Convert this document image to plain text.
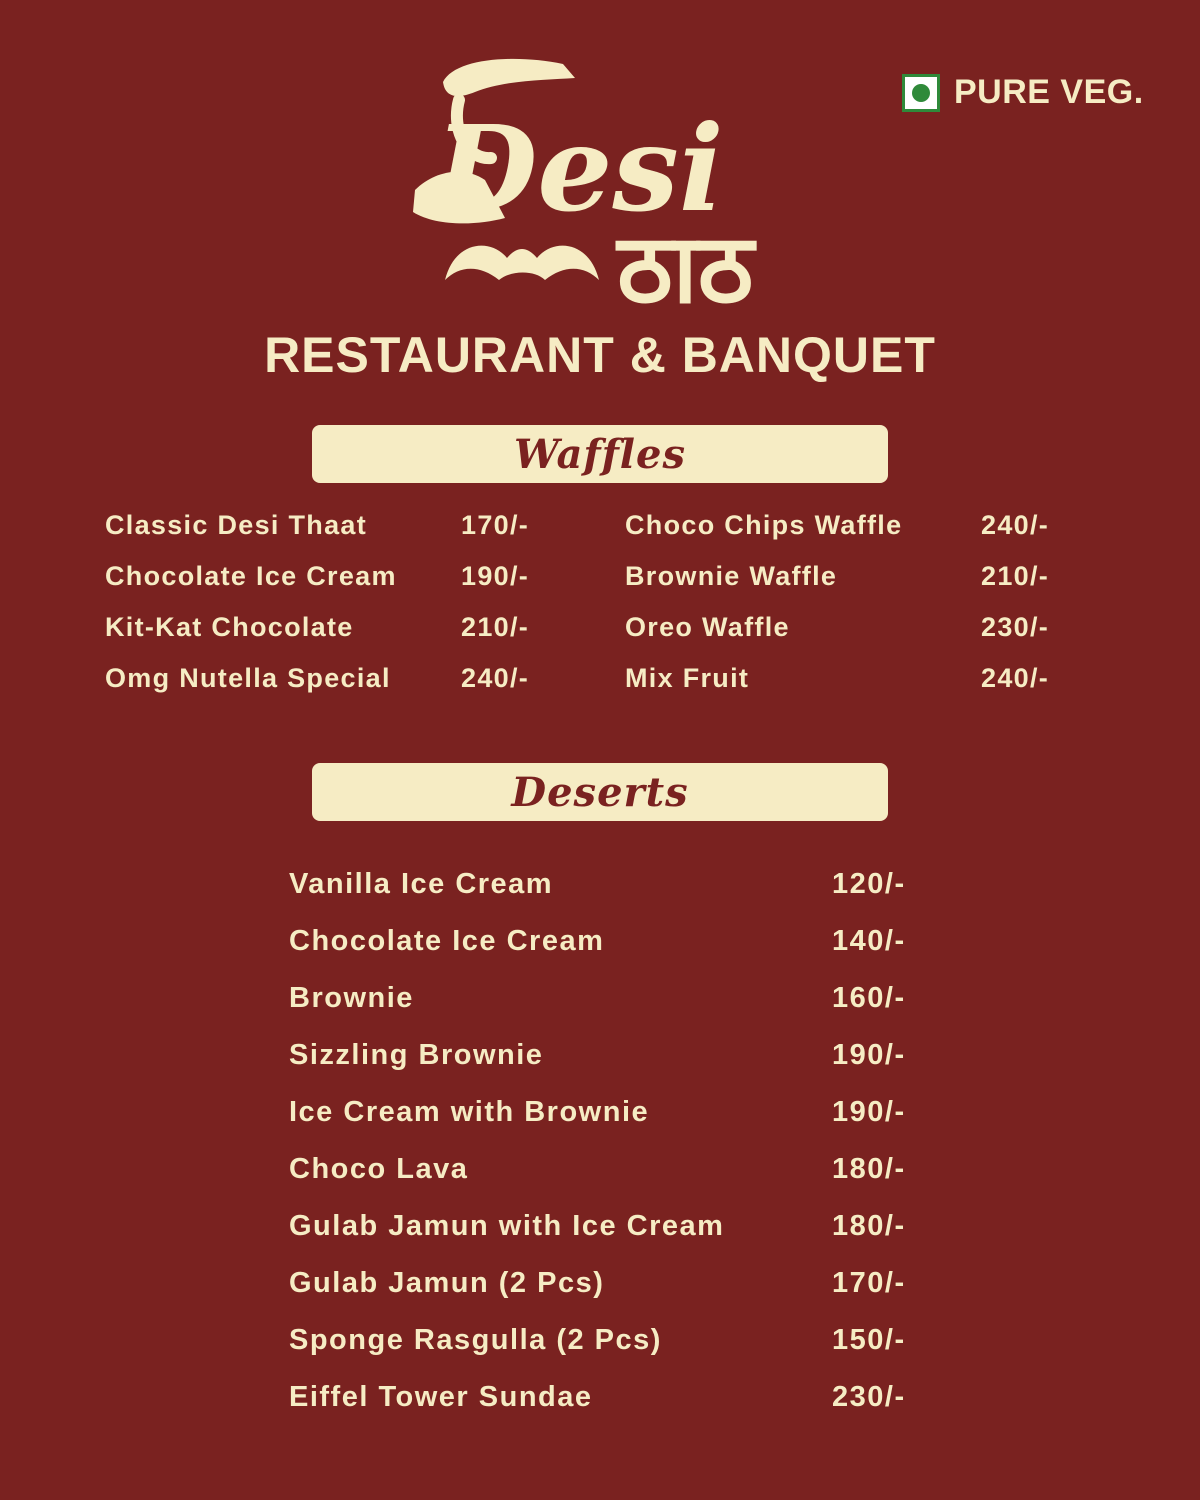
PURE VEG.
Desi
ठाठ
RESTAURANT & BANQUET
Waffles
Classic Desi Thaat	170/-	Choco Chips Waffle	240/-
Chocolate Ice Cream 190/-	Brownie Waffle	210/-
Kit-Kat Chocolate	210/-	Oreo Waffle	230/-
Omg Nutella Special	240/-	Mix Fruit	240/-
Deserts
Vanilla Ice Cream	120/-
Chocolate Ice Cream	140/-
Brownie	160/-
Sizzling Brownie	190/-
Ice Cream with Brownie	190/-
Choco Lava	180/-
Gulab Jamun with Ice Cream	180/-
Gulab Jamun (2 Pcs)	170/-
Sponge Rasgulla (2 Pcs)	150/-
Eiffel Tower Sundae	230/-
